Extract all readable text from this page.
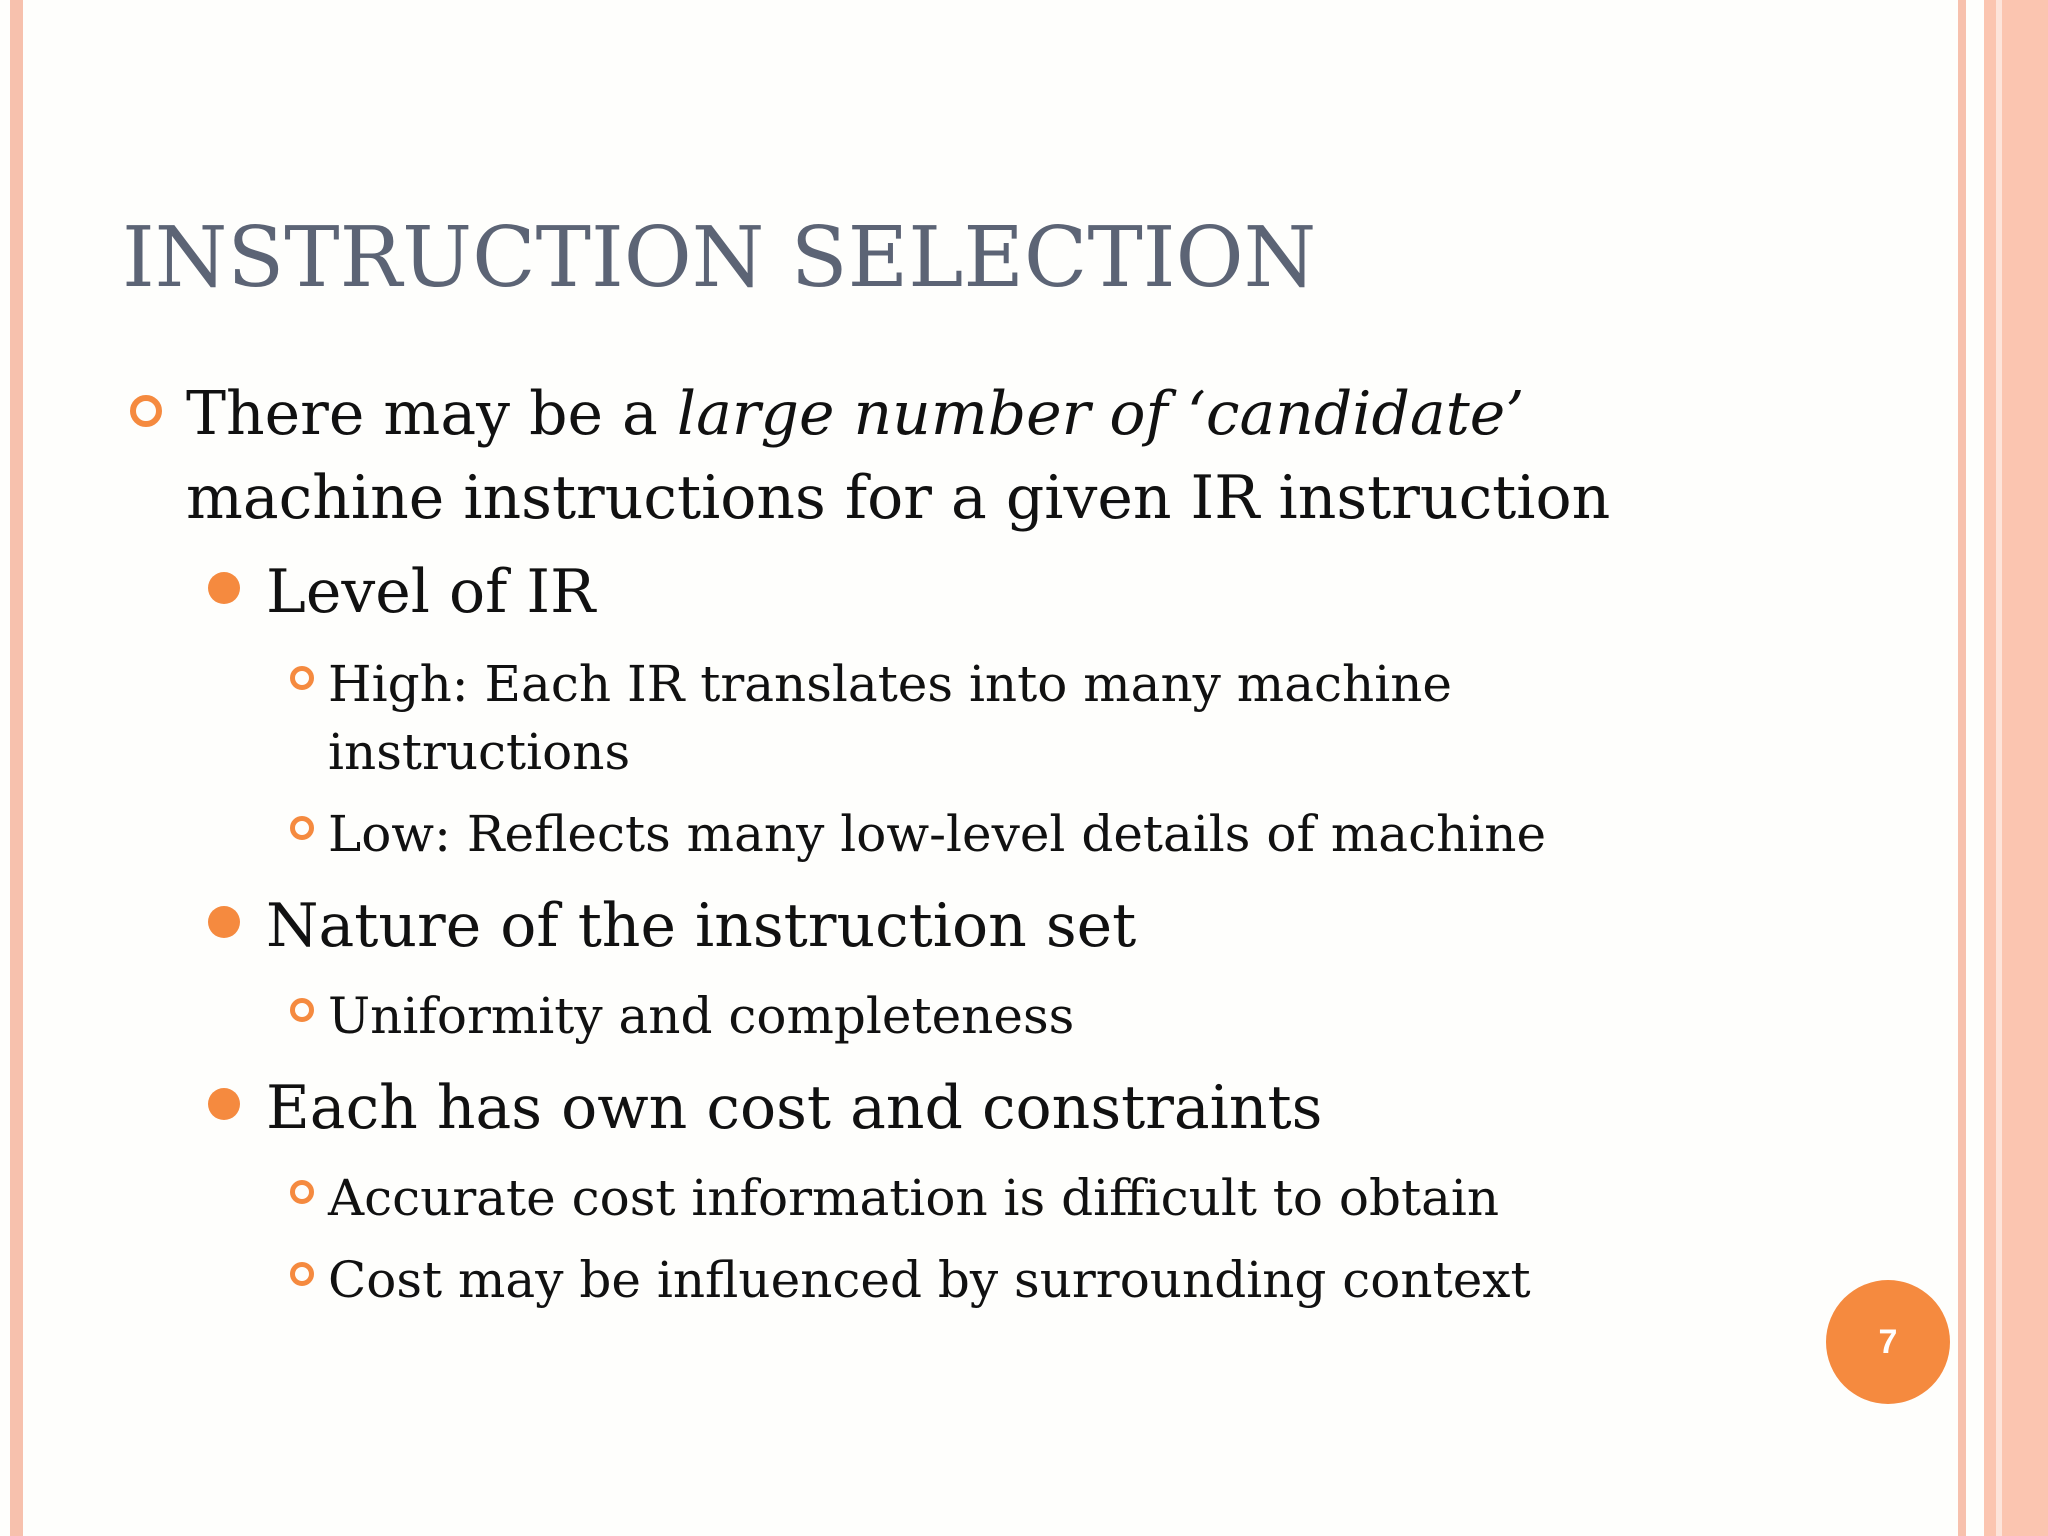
INSTRUCTION SELECTION
There may be a large number of ‘candidate’
machine instructions for a given IR instruction
Level of IR
High: Each IR translates into many machine instructions
Low: Reflects many low-level details of machine
Nature of the instruction set
Uniformity and completeness
Each has own cost and constraints
Accurate cost information is difficult to obtain
Cost may be influenced by surrounding context
7
